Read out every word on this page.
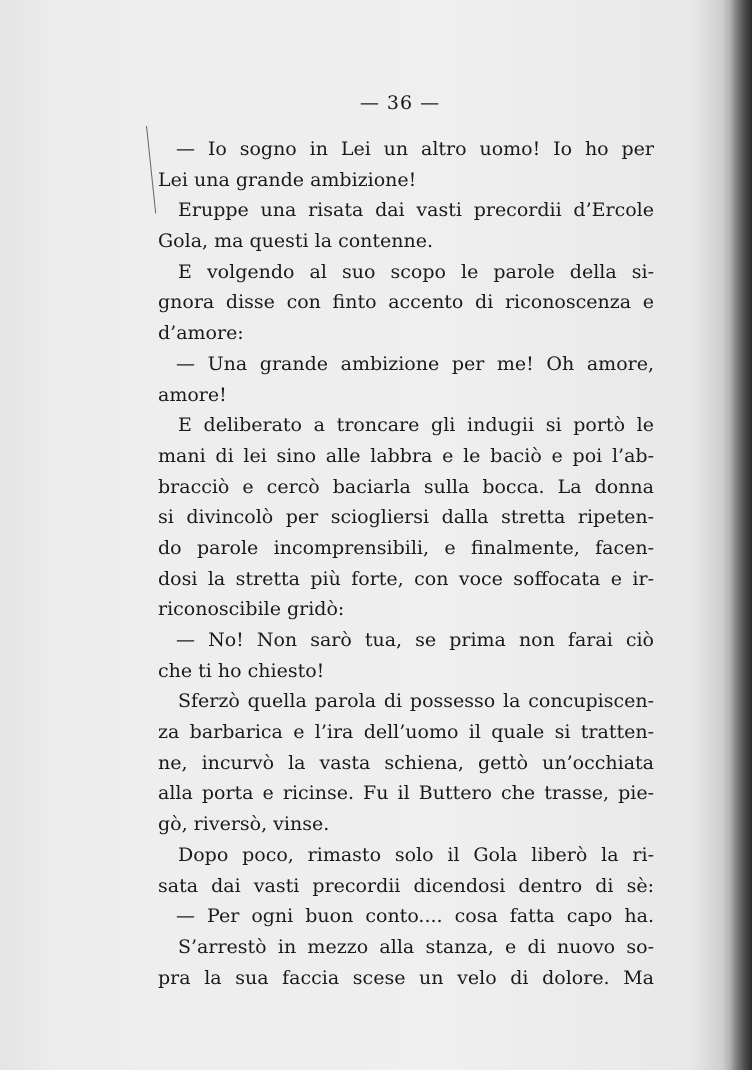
— 36 —
— Io sogno in Lei un altro uomo! Io ho per
Lei una grande ambizione!
Eruppe una risata dai vasti precordii d’Ercole
Gola, ma questi la contenne.
E volgendo al suo scopo le parole della si-
gnora disse con finto accento di riconoscenza e
d’amore:
— Una grande ambizione per me! Oh amore,
amore!
E deliberato a troncare gli indugii si portò le
mani di lei sino alle labbra e le baciò e poi l’ab-
bracciò e cercò baciarla sulla bocca. La donna
si divincolò per sciogliersi dalla stretta ripeten-
do parole incomprensibili, e finalmente, facen-
dosi la stretta più forte, con voce soffocata e ir-
riconoscibile gridò:
— No! Non sarò tua, se prima non farai ciò
che ti ho chiesto!
Sferzò quella parola di possesso la concupiscen-
za barbarica e l’ira dell’uomo il quale si tratten-
ne, incurvò la vasta schiena, gettò un’occhiata
alla porta e ricinse. Fu il Buttero che trasse, pie-
gò, riversò, vinse.
Dopo poco, rimasto solo il Gola liberò la ri-
sata dai vasti precordii dicendosi dentro di sè:
— Per ogni buon conto.... cosa fatta capo ha.
S’arrestò in mezzo alla stanza, e di nuovo so-
pra la sua faccia scese un velo di dolore. Ma
